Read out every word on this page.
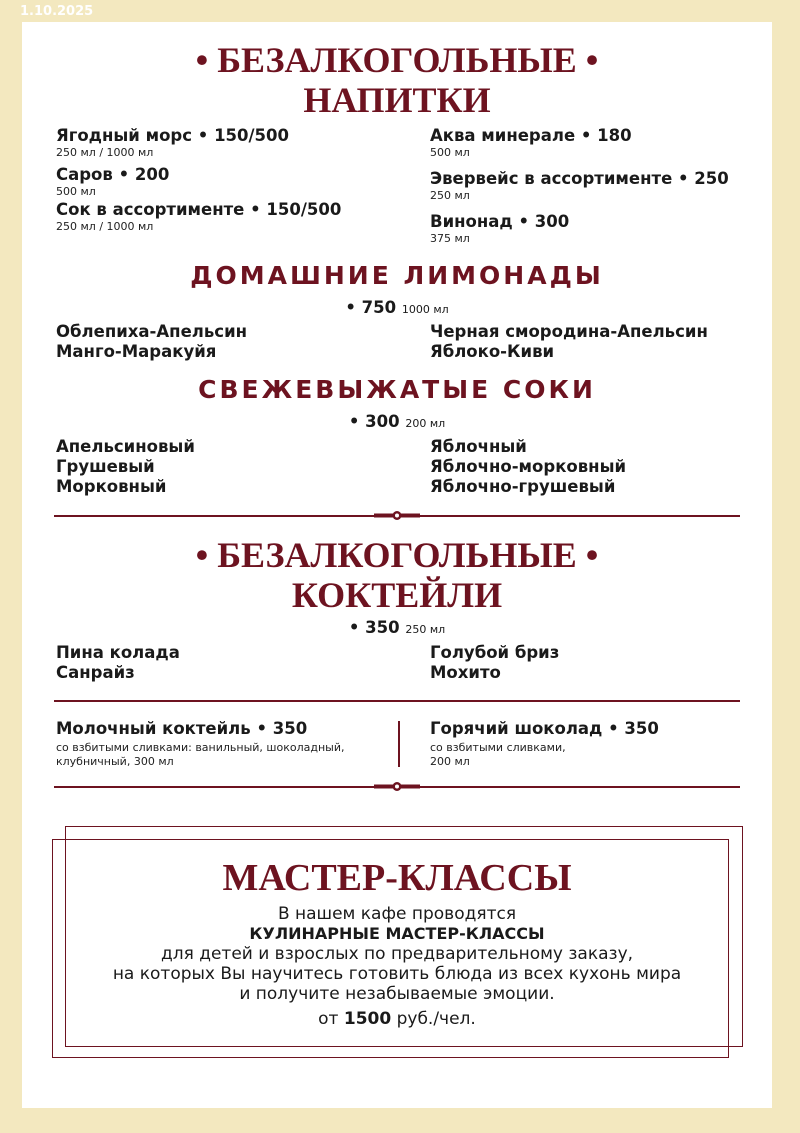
1.10.2025
• БЕЗАЛКОГОЛЬНЫЕ •
НАПИТКИ
Ягодный морс • 150/500
250 мл / 1000 мл
Саров • 200
500 мл
Сок в ассортименте • 150/500
250 мл / 1000 мл
Аква минерале • 180
500 мл
Эвервейс в ассортименте • 250
250 мл
Винонад • 300
375 мл
ДОМАШНИЕ ЛИМОНАДЫ
• 750 1000 мл
Облепиха-Апельсин
Манго-Маракуйя
Черная смородина-Апельсин
Яблоко-Киви
СВЕЖЕВЫЖАТЫЕ СОКИ
• 300 200 мл
Апельсиновый
Грушевый
Морковный
Яблочный
Яблочно-морковный
Яблочно-грушевый
• БЕЗАЛКОГОЛЬНЫЕ •
КОКТЕЙЛИ
• 350 250 мл
Пина колада
Санрайз
Голубой бриз
Мохито
Молочный коктейль • 350
со взбитыми сливками: ванильный, шоколадный,
клубничный, 300 мл
Горячий шоколад • 350
со взбитыми сливками,
200 мл
МАСТЕР-КЛАССЫ
В нашем кафе проводятся
КУЛИНАРНЫЕ МАСТЕР-КЛАССЫ
для детей и взрослых по предварительному заказу,
на которых Вы научитесь готовить блюда из всех кухонь мира
и получите незабываемые эмоции.
от 1500 руб./чел.
